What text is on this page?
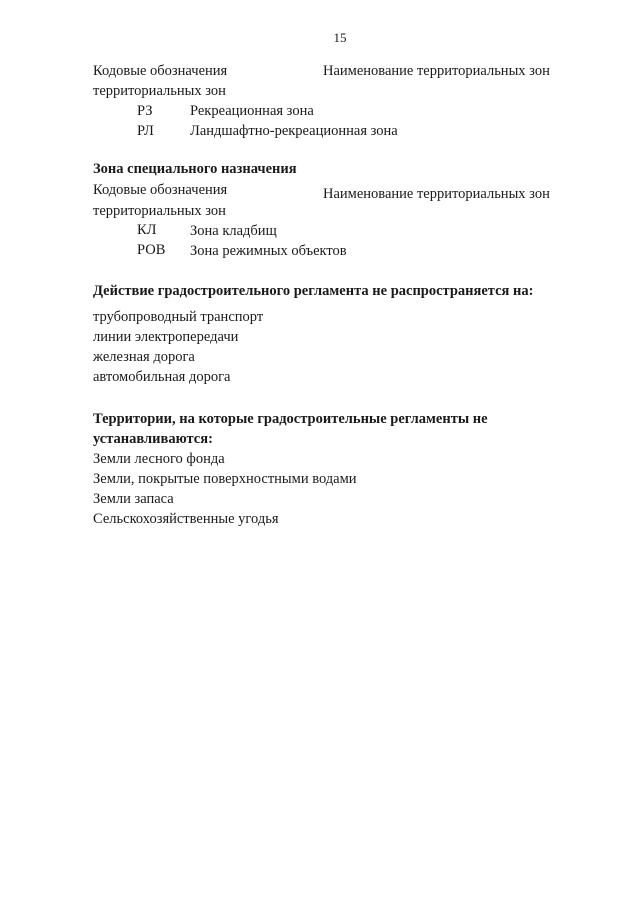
15
Кодовые обозначения	Наименование территориальных зон
территориальных зон
РЗ	Рекреационная зона
РЛ Ландшафтно-рекреационная зона
Зона специального назначения
Кодовые обозначения	Наименование территориальных зон
территориальных зон
КЛ Зона кладбищ
РОВ Зона режимных объектов
Действие градостроительного регламента не распространяется на:
трубопроводный транспорт
линии электропередачи
железная дорога
автомобильная дорога
Территории, на которые градостроительные регламенты не
устанавливаются:
Земли лесного фонда
Земли, покрытые поверхностными водами
Земли запаса
Сельскохозяйственные угодья
